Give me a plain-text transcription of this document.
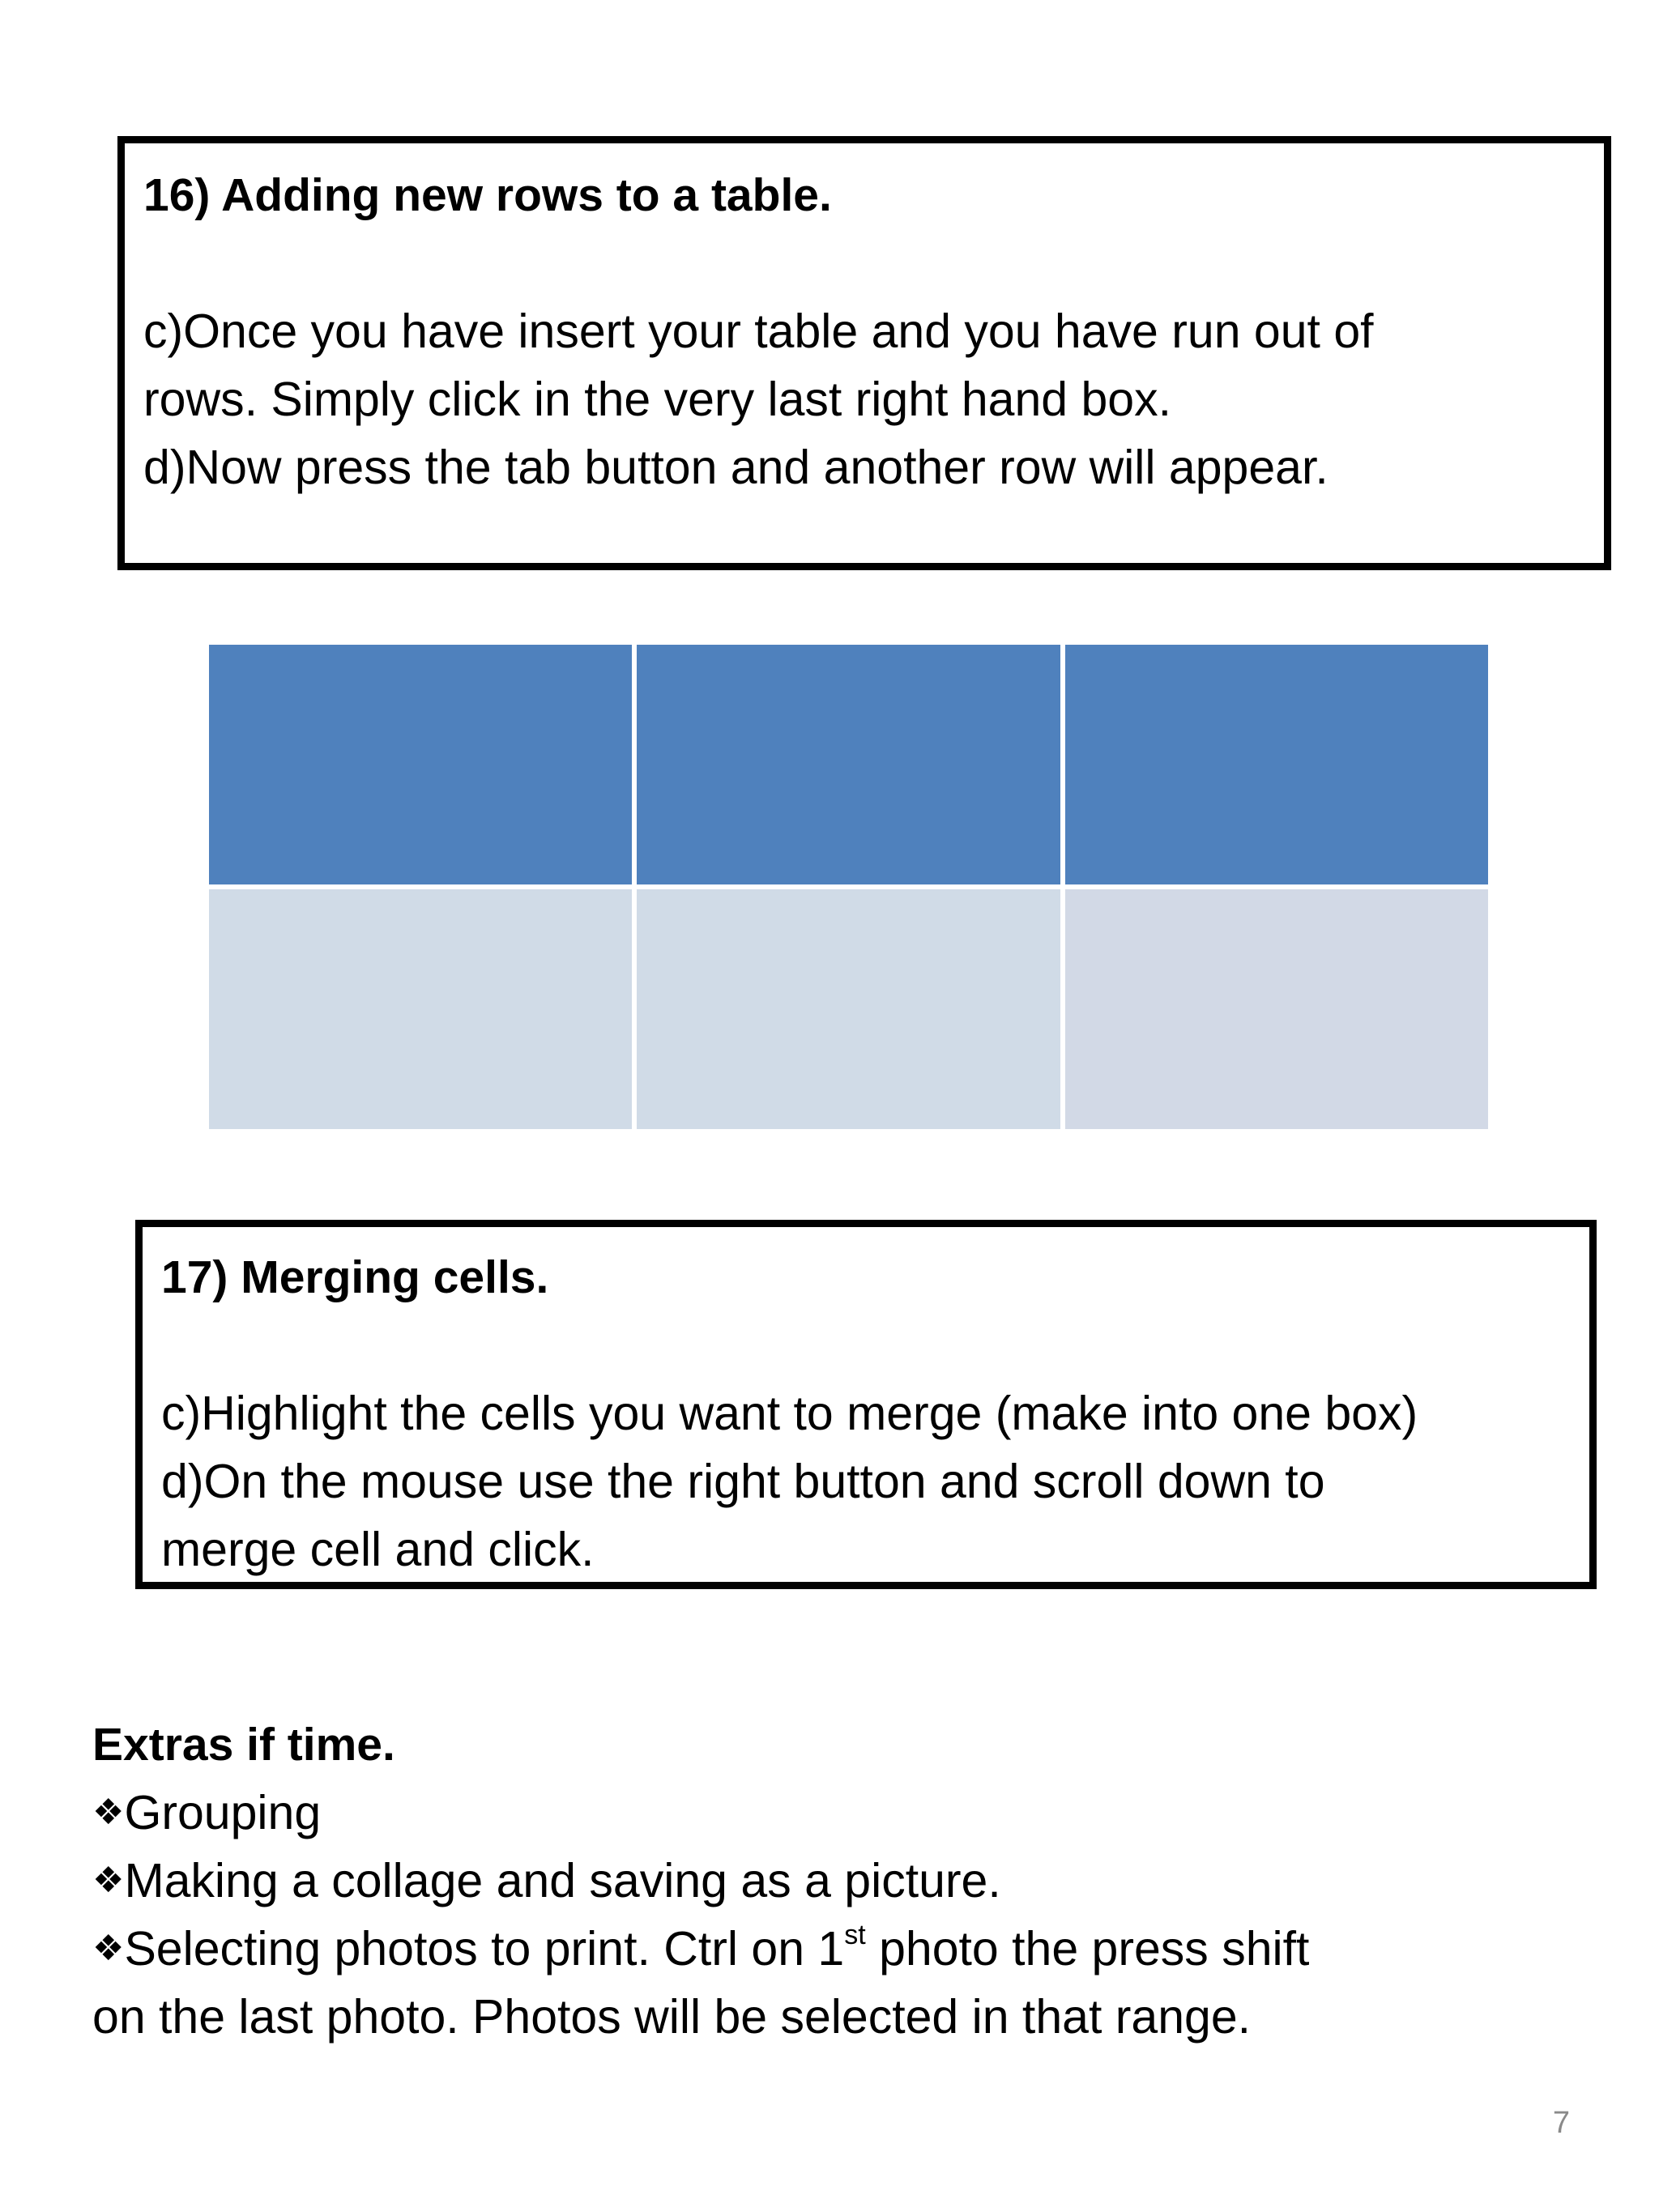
16) Adding new rows to a table.

c)Once you have insert your table and you have run out of

rows. Simply click in the very last right hand box.

d)Now press the tab button and another row will appear.

17) Merging cells.

c)Highlight the cells you want to merge (make into one box)

d)On the mouse use the right button and scroll down to

merge cell and click.

Extras if time.

❖Grouping

❖Making a collage and saving as a picture.

❖Selecting photos to print. Ctrl on 1st photo the press shift

on the last photo. Photos will be selected in that range.

7
